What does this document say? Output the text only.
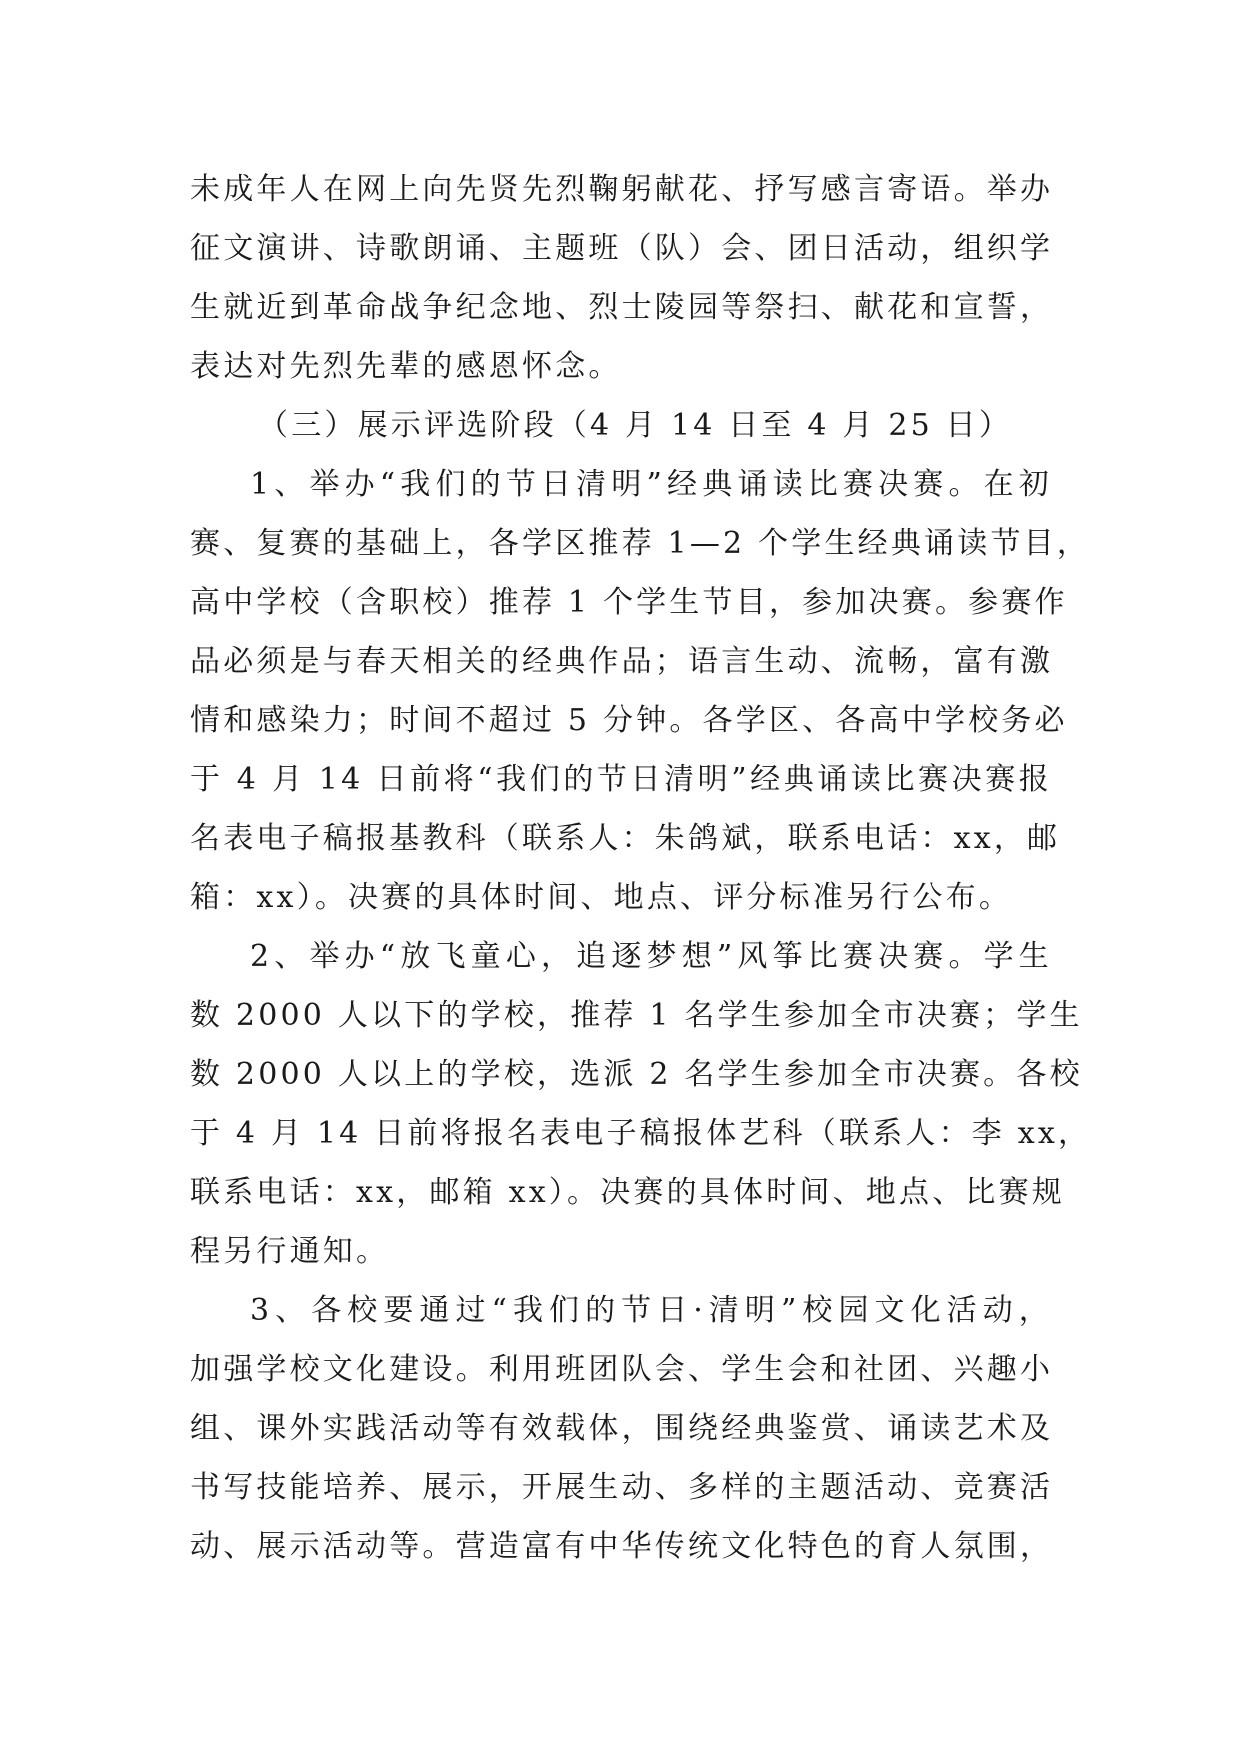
未成年人在网上向先贤先烈鞠躬献花、抒写感言寄语。举办
征文演讲、诗歌朗诵、主题班（队）会、团日活动，组织学
生就近到革命战争纪念地、烈士陵园等祭扫、献花和宣誓，
表达对先烈先辈的感恩怀念。
（三）展示评选阶段（4 月 14 日至 4 月 25 日）
1、举办“我们的节日清明”经典诵读比赛决赛。在初
赛、复赛的基础上，各学区推荐 1—2 个学生经典诵读节目，
高中学校（含职校）推荐 1 个学生节目，参加决赛。参赛作
品必须是与春天相关的经典作品；语言生动、流畅，富有激
情和感染力；时间不超过 5 分钟。各学区、各高中学校务必
于 4 月 14 日前将“我们的节日清明”经典诵读比赛决赛报
名表电子稿报基教科（联系人：朱鸽斌，联系电话：xx，邮
箱：xx）。决赛的具体时间、地点、评分标准另行公布。
2、举办“放飞童心，追逐梦想”风筝比赛决赛。学生
数 2000 人以下的学校，推荐 1 名学生参加全市决赛；学生
数 2000 人以上的学校，选派 2 名学生参加全市决赛。各校
于 4 月 14 日前将报名表电子稿报体艺科（联系人：李 xx，
联系电话：xx，邮箱 xx）。决赛的具体时间、地点、比赛规
程另行通知。
3、各校要通过“我们的节日·清明”校园文化活动，
加强学校文化建设。利用班团队会、学生会和社团、兴趣小
组、课外实践活动等有效载体，围绕经典鉴赏、诵读艺术及
书写技能培养、展示，开展生动、多样的主题活动、竞赛活
动、展示活动等。营造富有中华传统文化特色的育人氛围，
